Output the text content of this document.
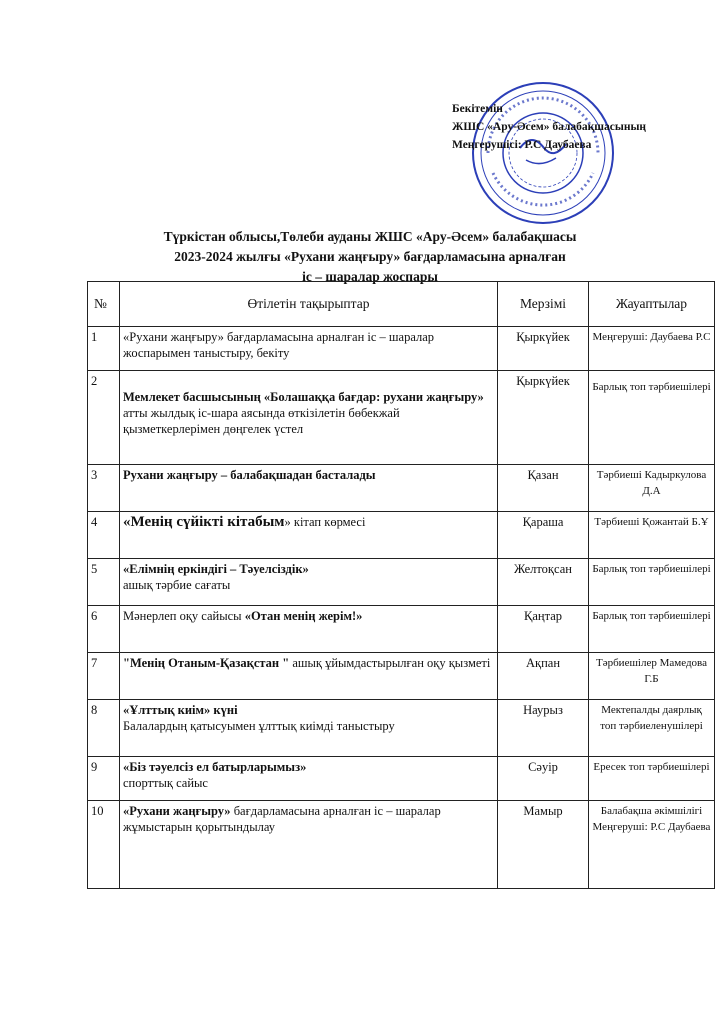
Бекітемін
ЖШС «Ару-Әсем» балабақшасының
Меңгерушісі: Р.С Даубаева
Түркістан облысы,Төлеби ауданы ЖШС «Ару-Әсем» балабақшасы
2023-2024 жылғы «Рухани жаңғыру» бағдарламасына арналған
іс – шаралар жоспары
№	Өтілетін тақырыптар	Мерзімі	Жауаптылар
1	«Рухани жаңғыру» бағдарламасына арналған іс – шаралар жоспарымен таныстыру, бекіту	Қыркүйек	Меңгеруші: Даубаева Р.С
2	Мемлекет басшысының «Болашаққа бағдар: рухани жаңғыру» атты жылдық іс-шара аясында өткізілетін бөбекжай қызметкерлерімен дөңгелек үстел	Қыркүйек	Барлық топ тәрбиешілері
3	Рухани жаңғыру – балабақшадан басталады	Қазан	Тәрбиеші Кадыркулова Д.А
4	«Менің сүйікті кітабым» кітап көрмесі	Қараша	Тәрбиеші Қожантай Б.Ұ
5	«Елімнің еркіндігі – Тәуелсіздік»
ашық тәрбие сағаты	Желтоқсан	Барлық топ тәрбиешілері
6	Мәнерлеп оқу сайысы «Отан менің жерім!»	Қаңтар	Барлық топ тәрбиешілері
7	"Менің Отаным-Қазақстан " ашық ұйымдастырылған оқу қызметі	Ақпан	Тәрбиешілер Мамедова Г.Б
8	«Ұлттық киім» күні
Балалардың қатысуымен ұлттық киімді таныстыру	Наурыз	Мектепалды даярлық топ тәрбиеленушілері
9	«Біз тәуелсіз ел батырларымыз»
спорттық сайыс	Сәуір	Ересек топ тәрбиешілері
10	«Рухани жаңғыру» бағдарламасына арналған іс – шаралар жұмыстарын қорытындылау	Мамыр	Балабақша әкімшілігі Меңгеруші: Р.С Даубаева
